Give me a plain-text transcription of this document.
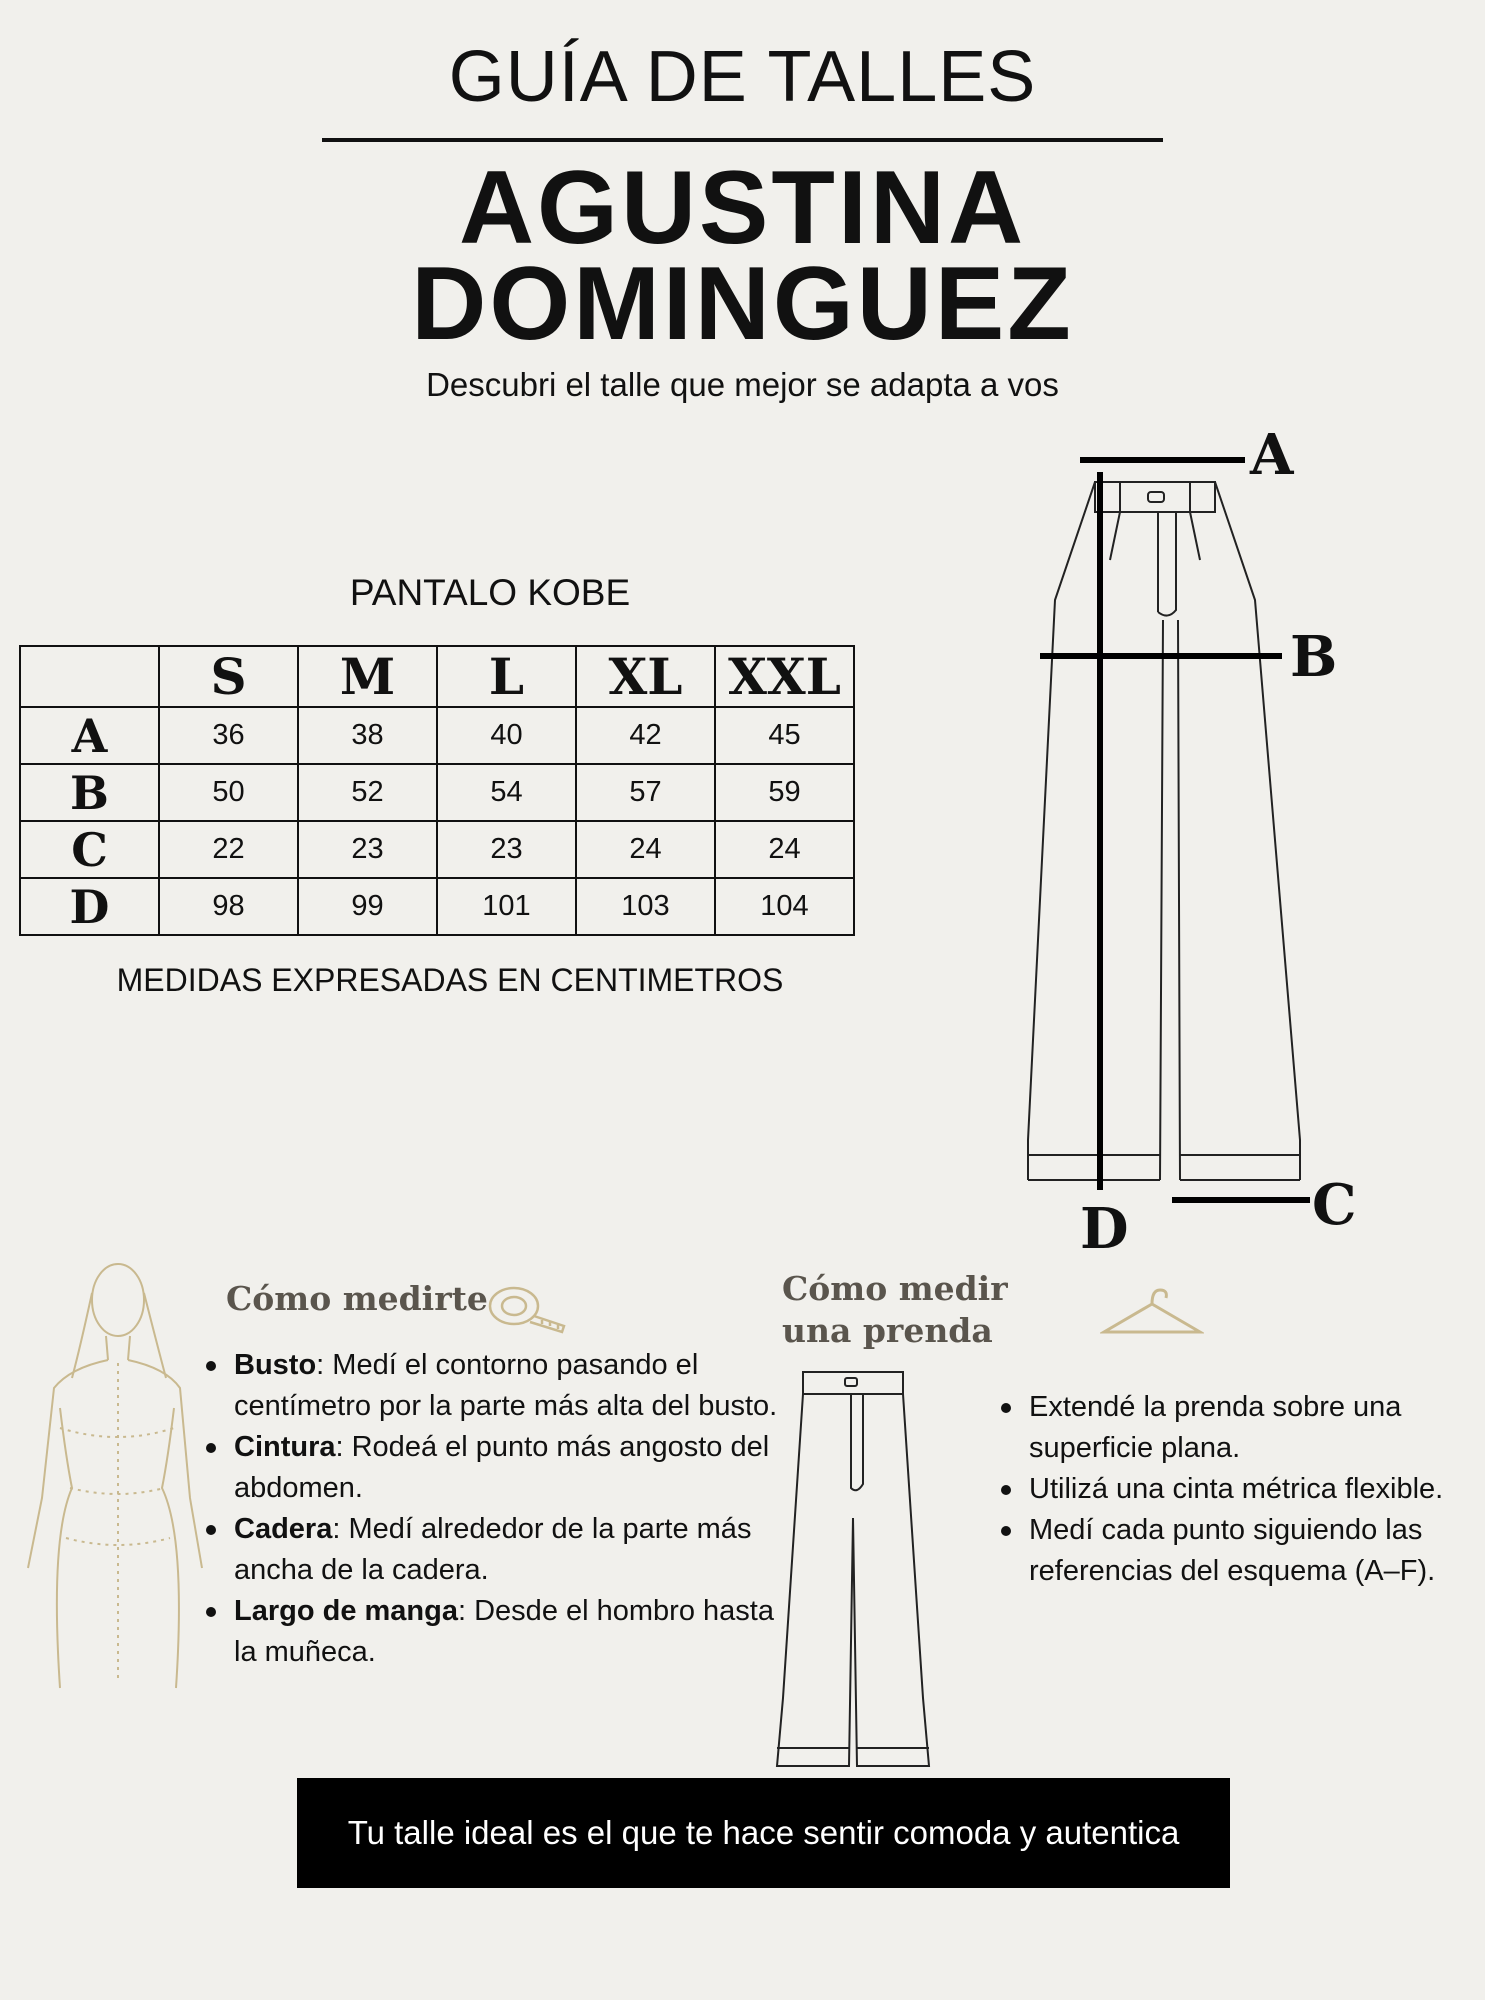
GUÍA DE TALLES
AGUSTINA
DOMINGUEZ
Descubri el talle que mejor se adapta a vos
PANTALO KOBE
	S	M	L	XL	XXL
A	36	38	40	42	45
B	50	52	54	57	59
C	22	23	23	24	24
D	98	99	101	103	104
MEDIDAS EXPRESADAS EN CENTIMETROS
A
B
C
D
Cómo medirte
Busto: Medí el contorno pasando el centímetro por la parte más alta del busto.
Cintura: Rodeá el punto más angosto del abdomen.
Cadera: Medí alrededor de la parte más ancha de la cadera.
Largo de manga: Desde el hombro hasta la muñeca.
Cómo medir una prenda
Extendé la prenda sobre una superficie plana.
Utilizá una cinta métrica flexible.
Medí cada punto siguiendo las referencias del esquema (A–F).
Tu talle ideal es el que te hace sentir comoda y autentica
